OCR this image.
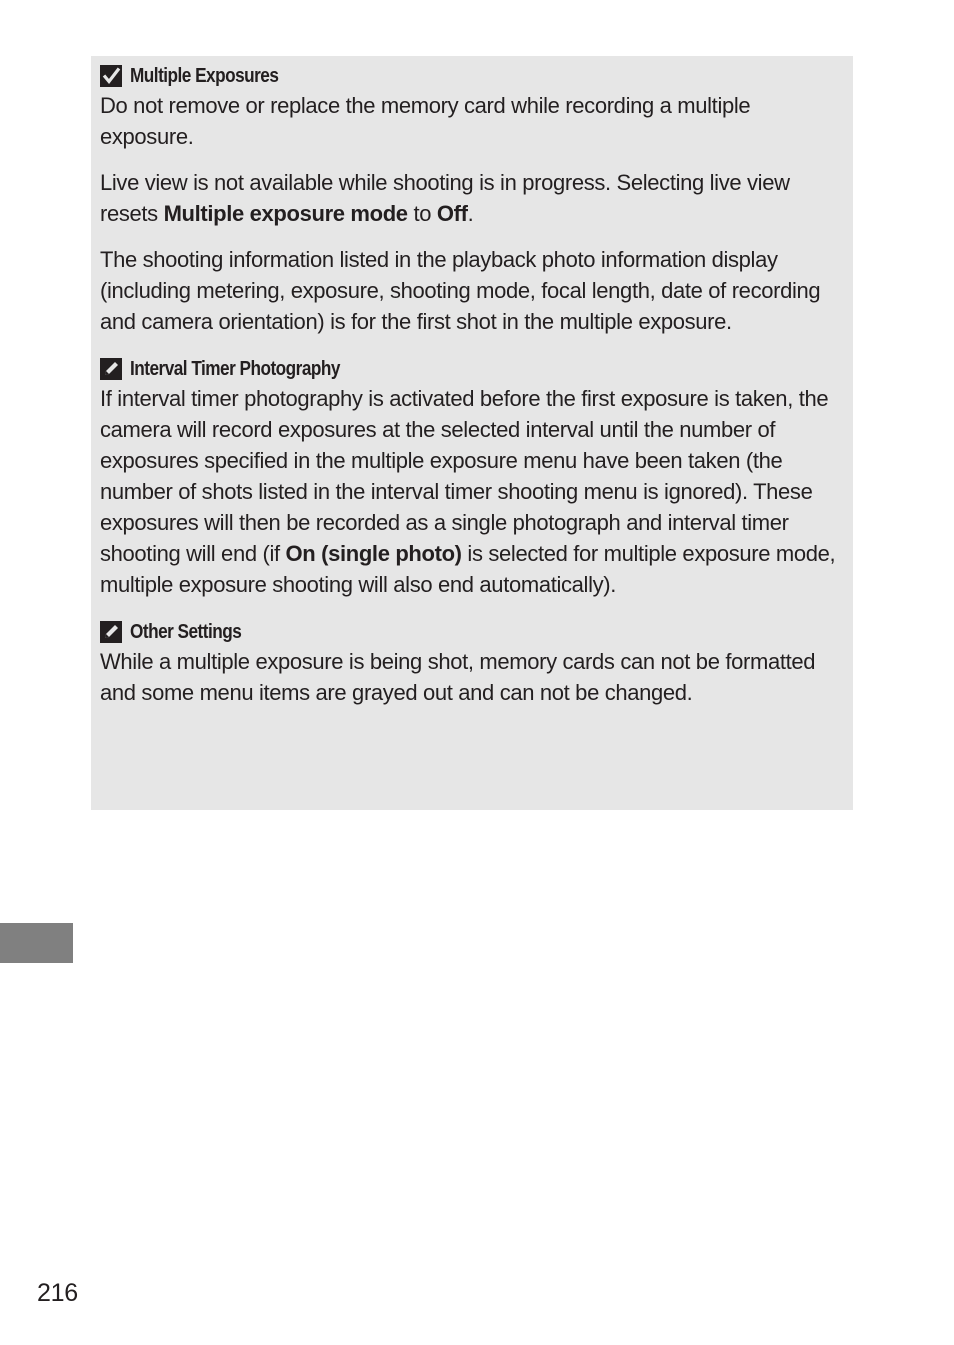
Multiple Exposures

Do not remove or replace the memory card while recording a multiple exposure.

Live view is not available while shooting is in progress. Selecting live view resets Multiple exposure mode to Off.

The shooting information listed in the playback photo information display (including metering, exposure, shooting mode, focal length, date of recording and camera orientation) is for the first shot in the multiple exposure.

Interval Timer Photography

If interval timer photography is activated before the first exposure is taken, the camera will record exposures at the selected interval until the number of exposures specified in the multiple exposure menu have been taken (the number of shots listed in the interval timer shooting menu is ignored). These exposures will then be recorded as a single photograph and interval timer shooting will end (if On (single photo) is selected for multiple exposure mode, multiple exposure shooting will also end automatically).

Other Settings

While a multiple exposure is being shot, memory cards can not be formatted and some menu items are grayed out and can not be changed.

216
